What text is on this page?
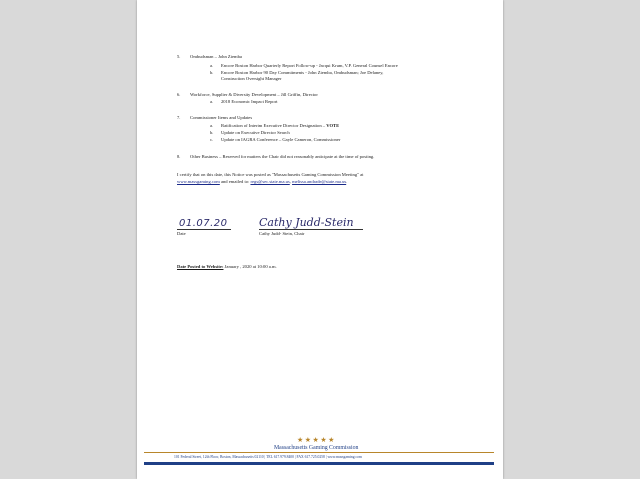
5. Ombudsman – John Ziemba
a. Encore Boston Harbor Quarterly Report Follow-up - Jacqui Krum, V.P. General Counsel Encore
b. Encore Boston Harbor 90 Day Commitments - John Ziemba, Ombudsman; Joe Delaney,
Construction Oversight Manager
6. Workforce, Supplier & Diversity Development – Jill Griffin, Director
a. 2018 Economic Impact Report
7. Commissioner Items and Updates
a. Ratification of Interim Executive Director Designation – VOTE
b. Update on Executive Director Search
c. Update on IAGRA Conference – Gayle Cameron, Commissioner
8. Other Business – Reserved for matters the Chair did not reasonably anticipate at the time of posting.
I certify that on this date, this Notice was posted as "Massachusetts Gaming Commission Meeting" at
www.massgaming.com and emailed to: regs@sec.state.ma.us, melissa.andrade@state.ma.us.
01.07.20
Date
Cathy Judd-Stein
Cathy Judd- Stein, Chair
Date Posted to Website: January , 2020 at 10:00 a.m.
★★★★★
Massachusetts Gaming Commission
101 Federal Street, 12th Floor, Boston, Massachusetts 02110 | TEL 617.979.8400 | FAX 617.725.0258 | www.massgaming.com
